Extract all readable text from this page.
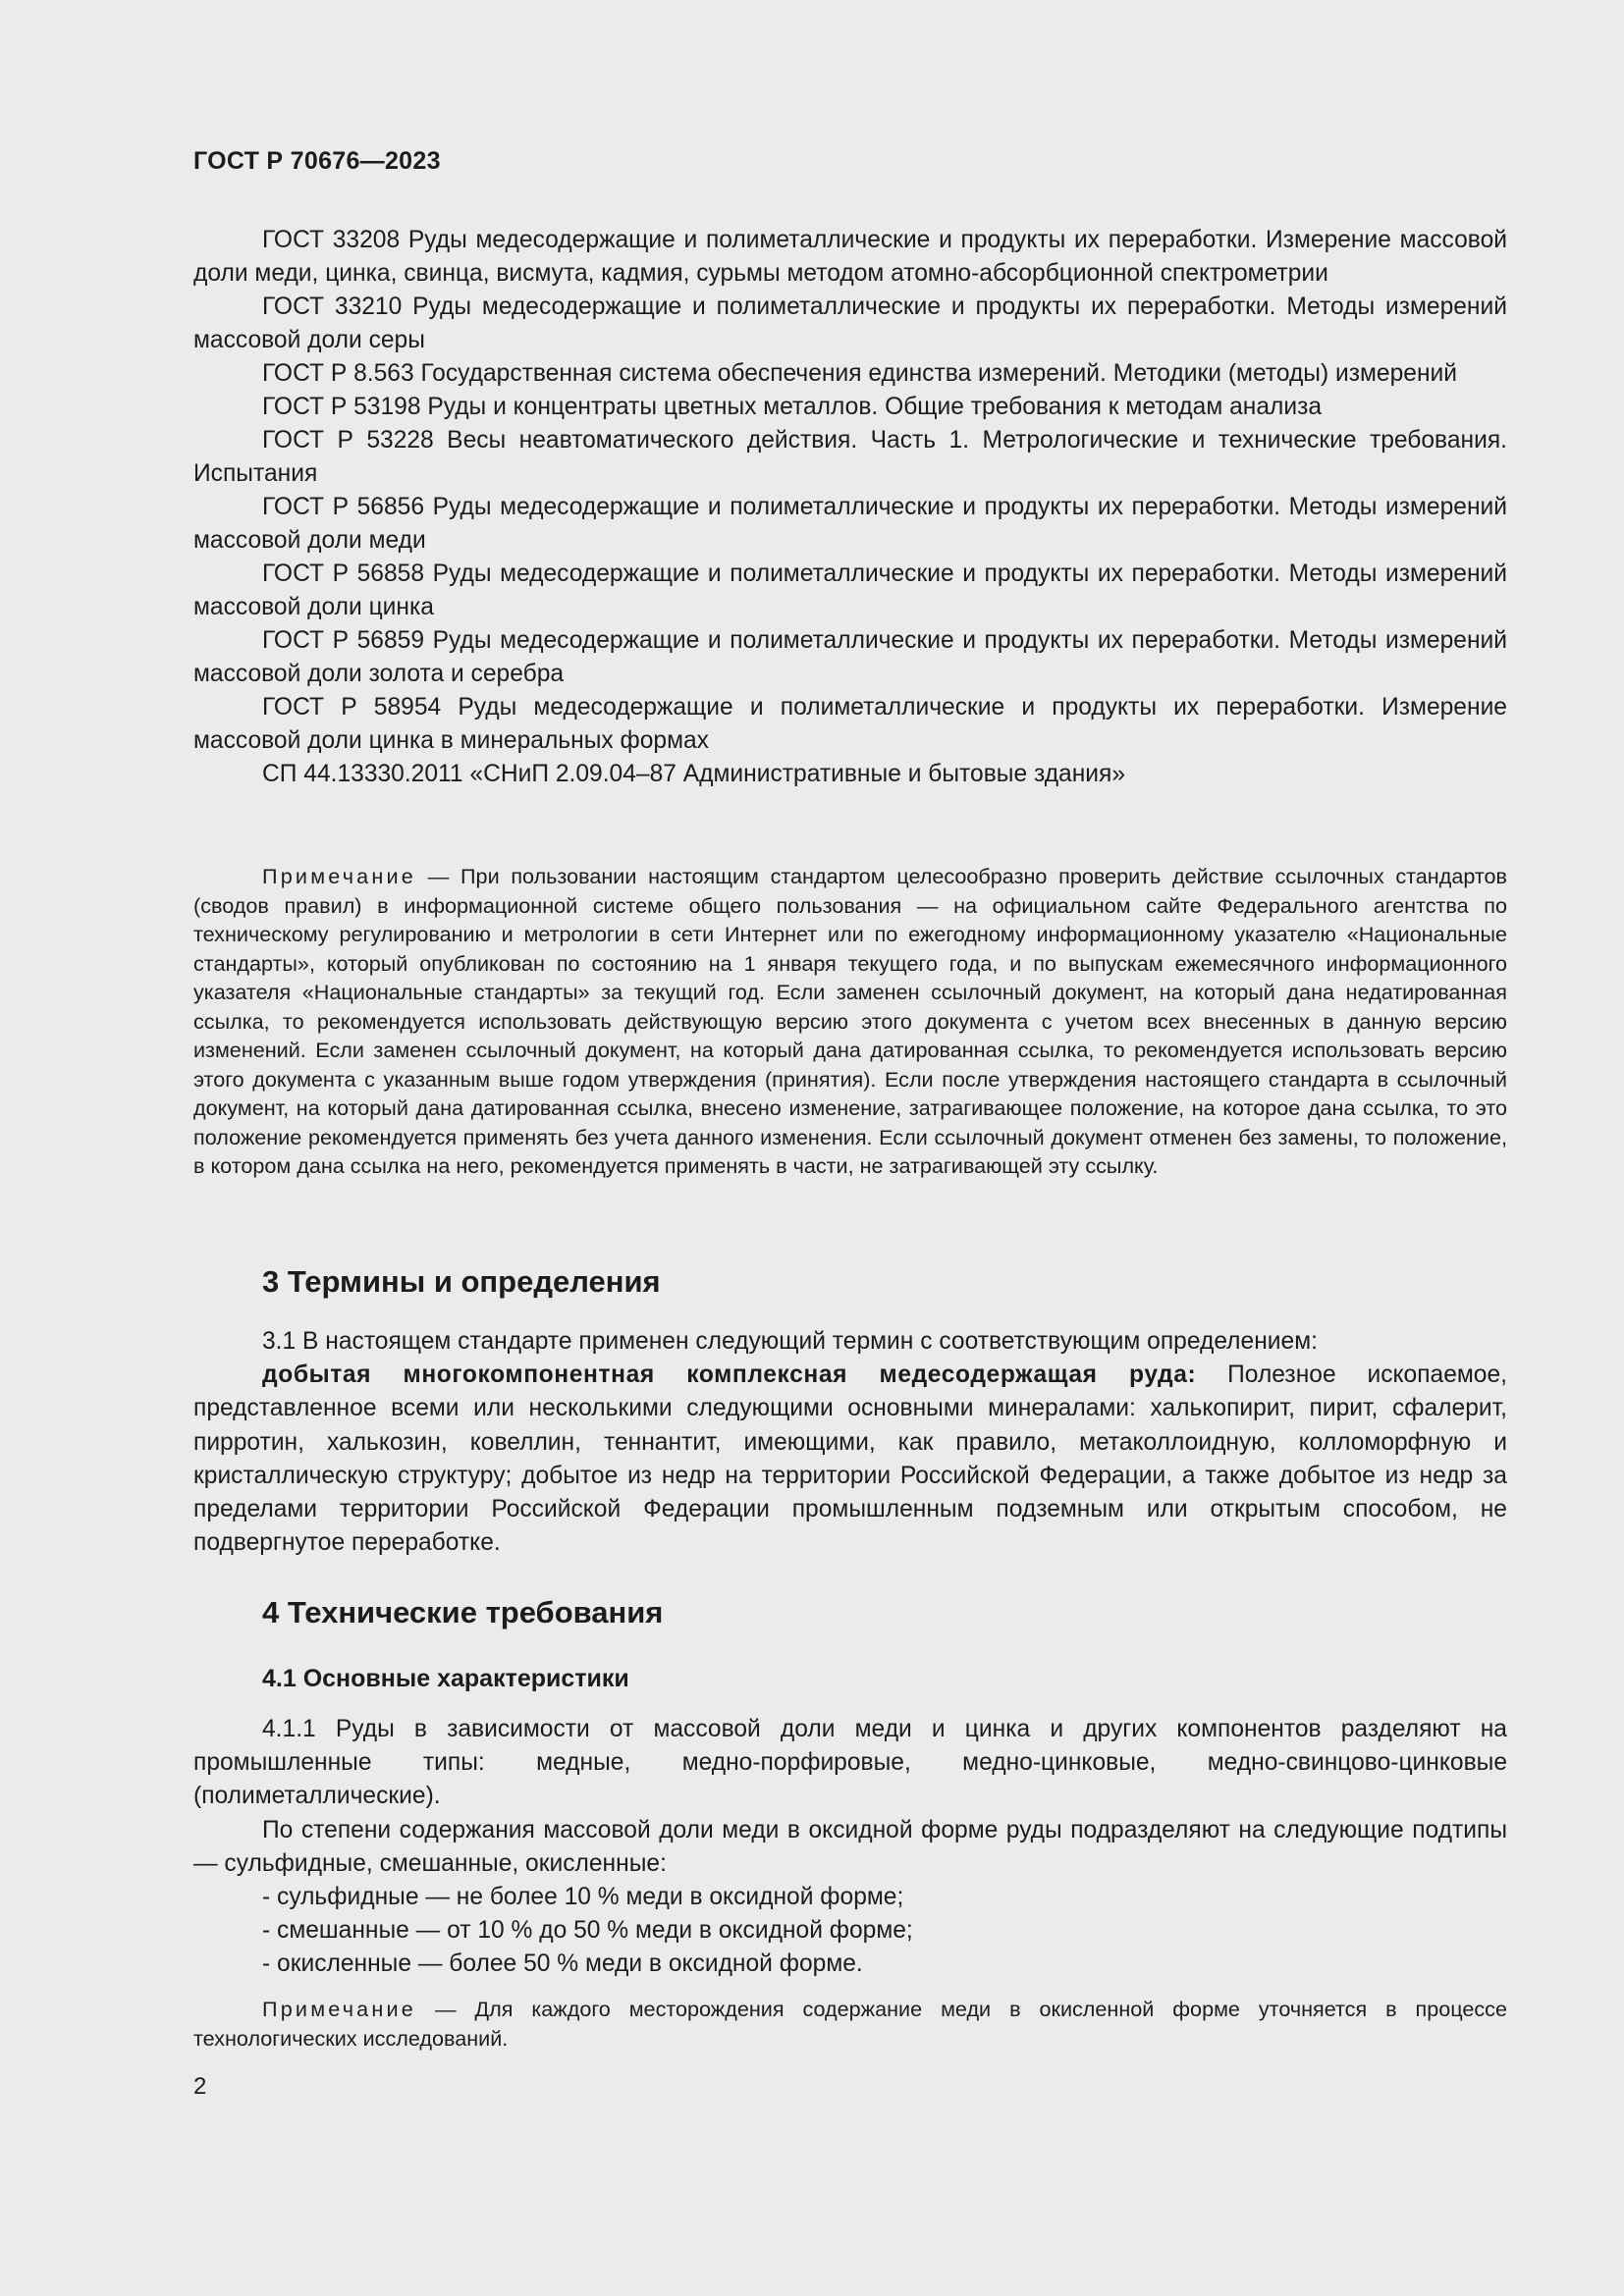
ГОСТ Р 70676—2023

ГОСТ 33208 Руды медесодержащие и полиметаллические и продукты их переработки. Измерение массовой доли меди, цинка, свинца, висмута, кадмия, сурьмы методом атомно-абсорбционной спектрометрии

ГОСТ 33210 Руды медесодержащие и полиметаллические и продукты их переработки. Методы измерений массовой доли серы

ГОСТ Р 8.563 Государственная система обеспечения единства измерений. Методики (методы) измерений

ГОСТ Р 53198 Руды и концентраты цветных металлов. Общие требования к методам анализа

ГОСТ Р 53228 Весы неавтоматического действия. Часть 1. Метрологические и технические требования. Испытания

ГОСТ Р 56856 Руды медесодержащие и полиметаллические и продукты их переработки. Методы измерений массовой доли меди

ГОСТ Р 56858 Руды медесодержащие и полиметаллические и продукты их переработки. Методы измерений массовой доли цинка

ГОСТ Р 56859 Руды медесодержащие и полиметаллические и продукты их переработки. Методы измерений массовой доли золота и серебра

ГОСТ Р 58954 Руды медесодержащие и полиметаллические и продукты их переработки. Измерение массовой доли цинка в минеральных формах

СП 44.13330.2011 «СНиП 2.09.04–87 Административные и бытовые здания»

Примечание — При пользовании настоящим стандартом целесообразно проверить действие ссылочных стандартов (сводов правил) в информационной системе общего пользования — на официальном сайте Федерального агентства по техническому регулированию и метрологии в сети Интернет или по ежегодному информационному указателю «Национальные стандарты», который опубликован по состоянию на 1 января текущего года, и по выпускам ежемесячного информационного указателя «Национальные стандарты» за текущий год. Если заменен ссылочный документ, на который дана недатированная ссылка, то рекомендуется использовать действующую версию этого документа с учетом всех внесенных в данную версию изменений. Если заменен ссылочный документ, на который дана датированная ссылка, то рекомендуется использовать версию этого документа с указанным выше годом утверждения (принятия). Если после утверждения настоящего стандарта в ссылочный документ, на который дана датированная ссылка, внесено изменение, затрагивающее положение, на которое дана ссылка, то это положение рекомендуется применять без учета данного изменения. Если ссылочный документ отменен без замены, то положение, в котором дана ссылка на него, рекомендуется применять в части, не затрагивающей эту ссылку.

3 Термины и определения

3.1 В настоящем стандарте применен следующий термин с соответствующим определением:

добытая многокомпонентная комплексная медесодержащая руда: Полезное ископаемое, представленное всеми или несколькими следующими основными минералами: халькопирит, пирит, сфалерит, пирротин, халькозин, ковеллин, теннантит, имеющими, как правило, метаколлоидную, колломорфную и кристаллическую структуру; добытое из недр на территории Российской Федерации, а также добытое из недр за пределами территории Российской Федерации промышленным подземным или открытым способом, не подвергнутое переработке.

4 Технические требования
4.1 Основные характеристики

4.1.1 Руды в зависимости от массовой доли меди и цинка и других компонентов разделяют на промышленные типы: медные, медно-порфировые, медно-цинковые, медно-свинцово-цинковые (полиметаллические).

По степени содержания массовой доли меди в оксидной форме руды подразделяют на следующие подтипы — сульфидные, смешанные, окисленные:

- сульфидные — не более 10 % меди в оксидной форме;
- смешанные — от 10 % до 50 % меди в оксидной форме;
- окисленные — более 50 % меди в оксидной форме.

Примечание — Для каждого месторождения содержание меди в окисленной форме уточняется в процессе технологических исследований.

2
